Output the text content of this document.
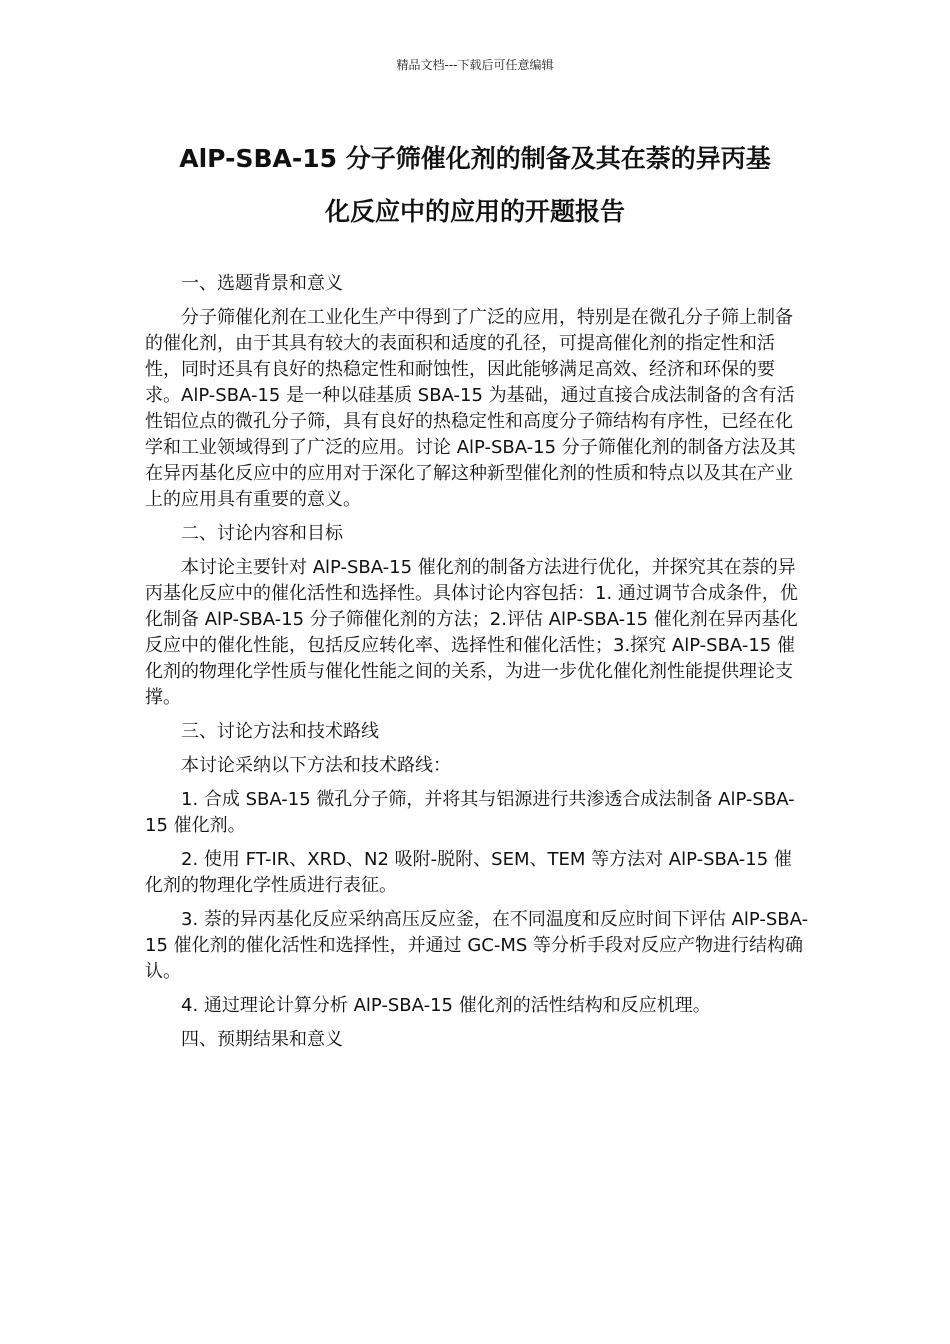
精品文档---下载后可任意编辑
AlP-SBA-15 分子筛催化剂的制备及其在萘的异丙基
化反应中的应用的开题报告

一、选题背景和意义

分子筛催化剂在工业化生产中得到了广泛的应用，特别是在微孔分子筛上制备的催化剂，由于其具有较大的表面积和适度的孔径，可提高催化剂的指定性和活性，同时还具有良好的热稳定性和耐蚀性，因此能够满足高效、经济和环保的要求。AlP-SBA-15 是一种以硅基质 SBA-15 为基础，通过直接合成法制备的含有活性铝位点的微孔分子筛，具有良好的热稳定性和高度分子筛结构有序性，已经在化学和工业领域得到了广泛的应用。讨论 AlP-SBA-15 分子筛催化剂的制备方法及其在异丙基化反应中的应用对于深化了解这种新型催化剂的性质和特点以及其在产业上的应用具有重要的意义。

二、讨论内容和目标

本讨论主要针对 AlP-SBA-15 催化剂的制备方法进行优化，并探究其在萘的异丙基化反应中的催化活性和选择性。具体讨论内容包括：1. 通过调节合成条件，优化制备 AlP-SBA-15 分子筛催化剂的方法；2.评估 AlP-SBA-15 催化剂在异丙基化反应中的催化性能，包括反应转化率、选择性和催化活性；3.探究 AlP-SBA-15 催化剂的物理化学性质与催化性能之间的关系，为进一步优化催化剂性能提供理论支撑。

三、讨论方法和技术路线

本讨论采纳以下方法和技术路线：

1. 合成 SBA-15 微孔分子筛，并将其与铝源进行共渗透合成法制备 AlP-SBA-15 催化剂。

2. 使用 FT-IR、XRD、N2 吸附-脱附、SEM、TEM 等方法对 AlP-SBA-15 催化剂的物理化学性质进行表征。

3. 萘的异丙基化反应采纳高压反应釜，在不同温度和反应时间下评估 AlP-SBA-15 催化剂的催化活性和选择性，并通过 GC-MS 等分析手段对反应产物进行结构确认。

4. 通过理论计算分析 AlP-SBA-15 催化剂的活性结构和反应机理。

四、预期结果和意义
